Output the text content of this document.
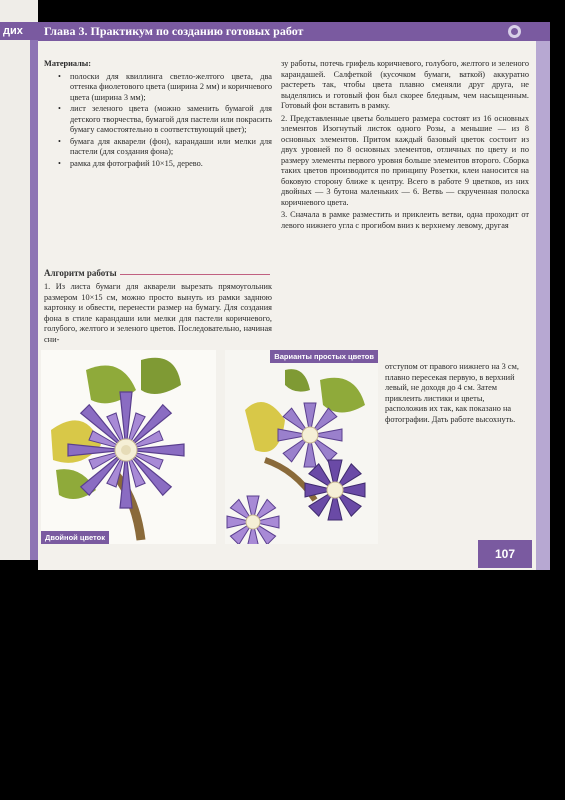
дих	Глава 3. Практикум по созданию готовых работ

Материалы:

• полоски для квиллинга светло-желтого цвета, два оттенка фиолетового цвета (ширина 2 мм) и коричневого цвета (ширина 3 мм);
• лист зеленого цвета (можно заменить бумагой для детского творчества, бумагой для пастели или покрасить бумагу самостоятельно в соответствующий цвет);
• бумага для акварели (фон), карандаши или мелки для пастели (для создания фона);
• рамка для фотографий 10×15, дерево.
Алгоритм работы
1. Из листа бумаги для акварели вырезать прямоугольник размером 10×15 см, можно просто вынуть из рамки заднюю картонку и обвести, перенести размер на бумагу. Для создания фона в стиле карандаши или мелки для пастели коричневого, голубого, желтого и зеленого цветов. Последовательно, начиная сни-

зу работы, потечь грифель коричневого, голубого, желтого и зеленого карандашей. Салфеткой (кусочком бумаги, ваткой) аккуратно растереть так, чтобы цвета плавно сменяли друг друга, не выделялись и готовый фон был скорее бледным, чем насыщенным. Готовый фон вставить в рамку.

2. Представленные цветы большего размера состоят из 16 основных элементов Изогнутый листок одного Розы, а меньшие — из 8 основных элементов. Притом каждый базовый цветок состоит из двух уровней по 8 основных элементов, отличных по цвету и по размеру элементы первого уровня больше элементов второго. Сборка таких цветов производится по принципу Розетки, клеи наносится на боковую сторону ближе к центру. Всего в работе 9 цветков, из них двойных — 3 бутона маленьких — 6. Ветвь — скрученная полоска коричневого цвета.

3. Сначала в рамке разместить и приклеить ветви, одна проходит от левого нижнего угла с прогибом вниз к верхнему левому, другая

Двойной цветок
Варианты простых цветов
отступом от правого нижнего на 3 см, плавно пересекая первую, в верхний левый, не доходя до 4 см. Затем приклеить листики и цветы, расположив их так, как показано на фотографии. Дать работе высохнуть.
107
